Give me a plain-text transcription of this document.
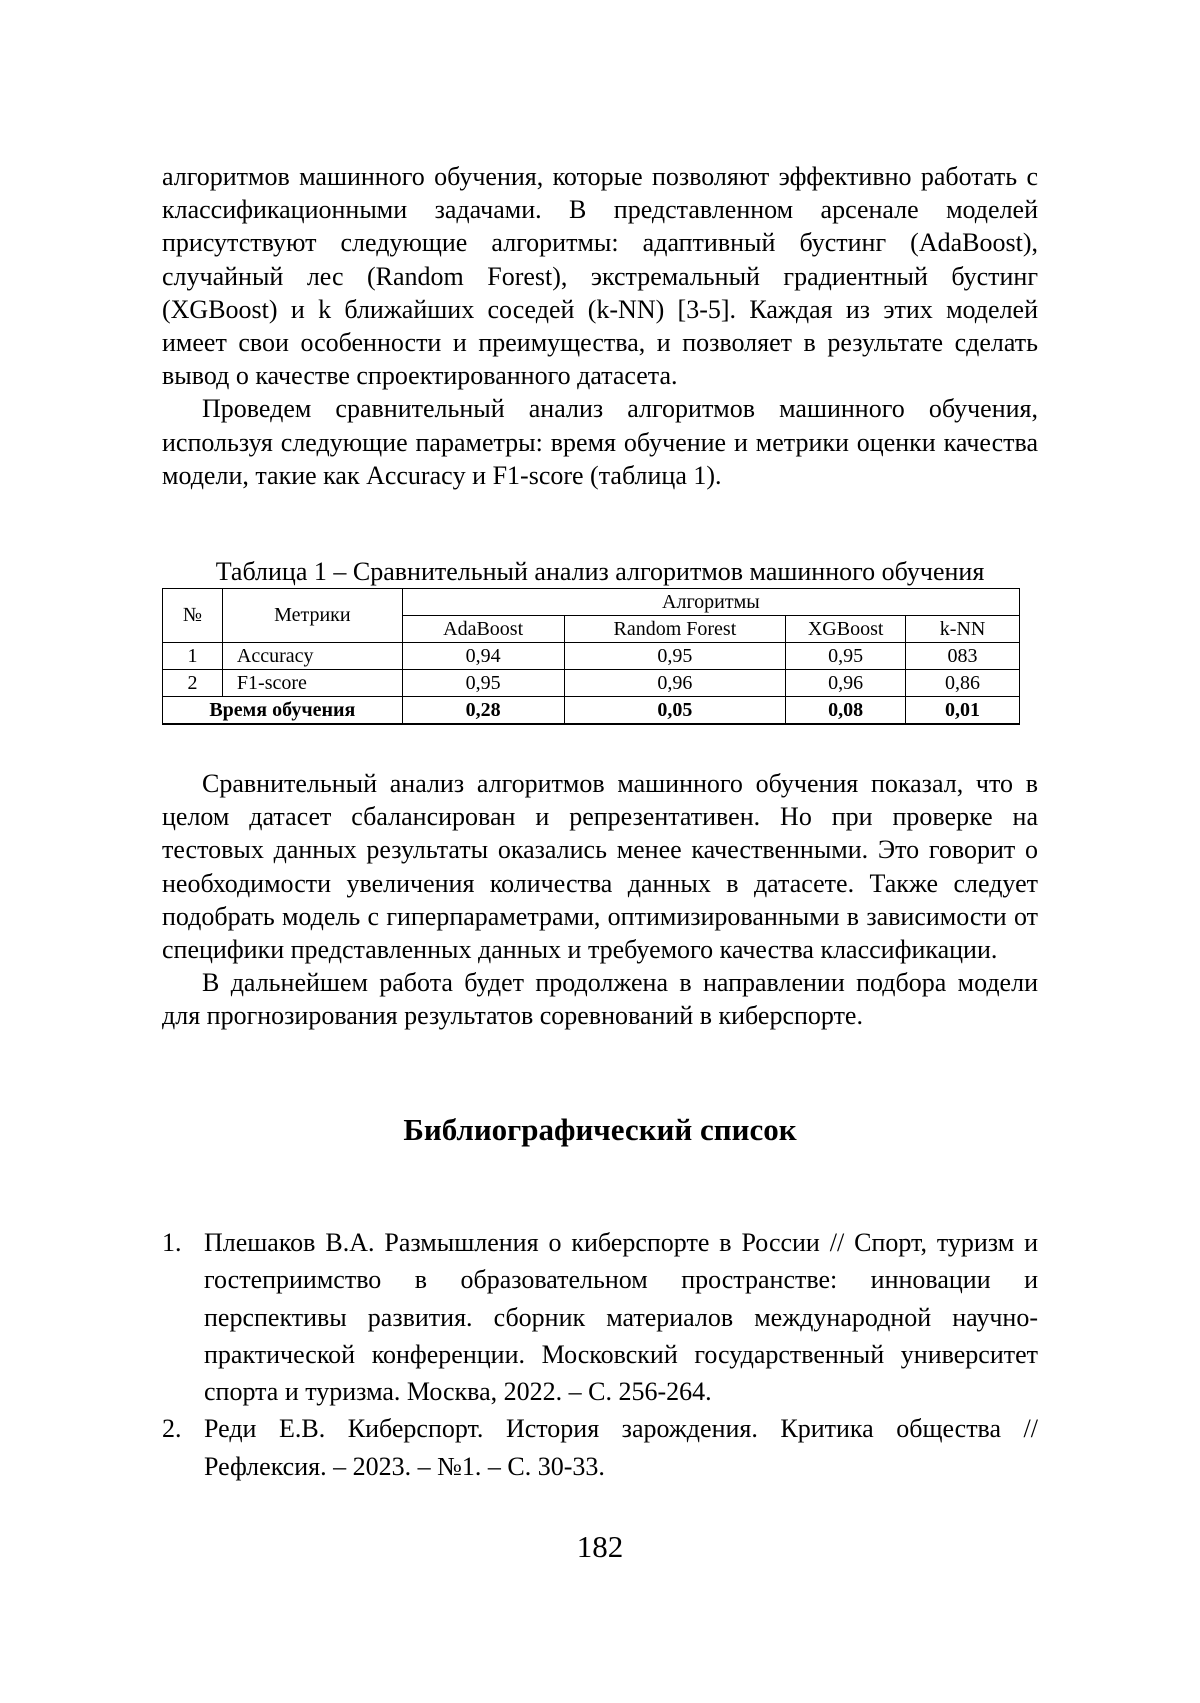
алгоритмов машинного обучения, которые позволяют эффективно работать с классификационными задачами. В представленном арсенале моделей присутствуют следующие алгоритмы: адаптивный бустинг (AdaBoost), случайный лес (Random Forest), экстремальный градиентный бустинг (XGBoost) и k ближайших соседей (k-NN) [3-5]. Каждая из этих моделей имеет свои особенности и преимущества, и позволяет в результате сделать вывод о качестве спроектированного датасета.

Проведем сравнительный анализ алгоритмов машинного обучения, используя следующие параметры: время обучение и метрики оценки качества модели, такие как Accuracy и F1-score (таблица 1).

Таблица 1 – Сравнительный анализ алгоритмов машинного обучения
№	Метрики	Алгоритмы			
		AdaBoost	Random Forest	XGBoost	k-NN
1	Accuracy	0,94	0,95	0,95	083
2	F1-score	0,95	0,96	0,96	0,86
Время обучения		0,28	0,05	0,08	0,01

Сравнительный анализ алгоритмов машинного обучения показал, что в целом датасет сбалансирован и репрезентативен. Но при проверке на тестовых данных результаты оказались менее качественными. Это говорит о необходимости увеличения количества данных в датасете. Также следует подобрать модель с гиперпараметрами, оптимизированными в зависимости от специфики представленных данных и требуемого качества классификации.

В дальнейшем работа будет продолжена в направлении подбора модели для прогнозирования результатов соревнований в киберспорте.

Библиографический список
1. Плешаков В.А. Размышления о киберспорте в России // Спорт, туризм и гостеприимство в образовательном пространстве: инновации и перспективы развития. сборник материалов международной научно-практической конференции. Московский государственный университет спорта и туризма. Москва, 2022. – С. 256-264.
2. Реди Е.В. Киберспорт. История зарождения. Критика общества // Рефлексия. – 2023. – №1. – С. 30-33.
182
